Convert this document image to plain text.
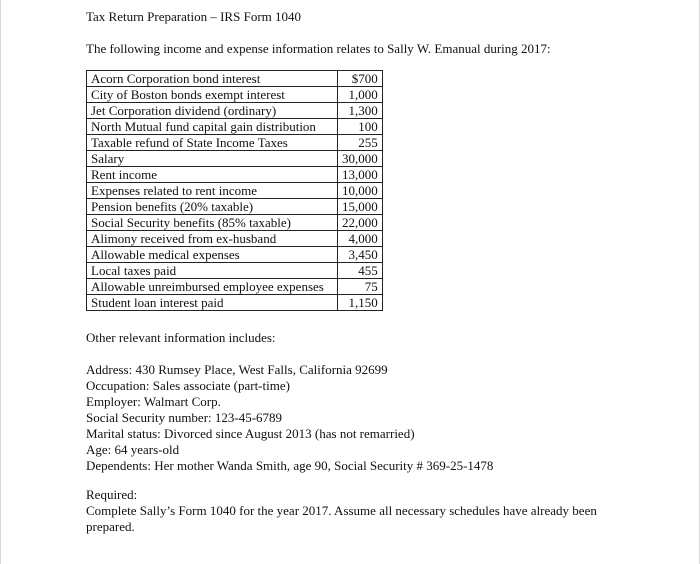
Tax Return Preparation – IRS Form 1040
The following income and expense information relates to Sally W. Emanual during 2017:
Acorn Corporation bond interest	$700
City of Boston bonds exempt interest	1,000
Jet Corporation dividend (ordinary)	1,300
North Mutual fund capital gain distribution	100
Taxable refund of State Income Taxes	255
Salary	30,000
Rent income	13,000
Expenses related to rent income	10,000
Pension benefits (20% taxable)	15,000
Social Security benefits (85% taxable)	22,000
Alimony received from ex-husband	4,000
Allowable medical expenses	3,450
Local taxes paid	455
Allowable unreimbursed employee expenses	75
Student loan interest paid	1,150
Other relevant information includes:
Address: 430 Rumsey Place, West Falls, California 92699
Occupation: Sales associate (part-time)
Employer: Walmart Corp.
Social Security number: 123-45-6789
Marital status: Divorced since August 2013 (has not remarried)
Age: 64 years-old
Dependents: Her mother Wanda Smith, age 90, Social Security # 369-25-1478
Required:
Complete Sally’s Form 1040 for the year 2017. Assume all necessary schedules have already been prepared.
